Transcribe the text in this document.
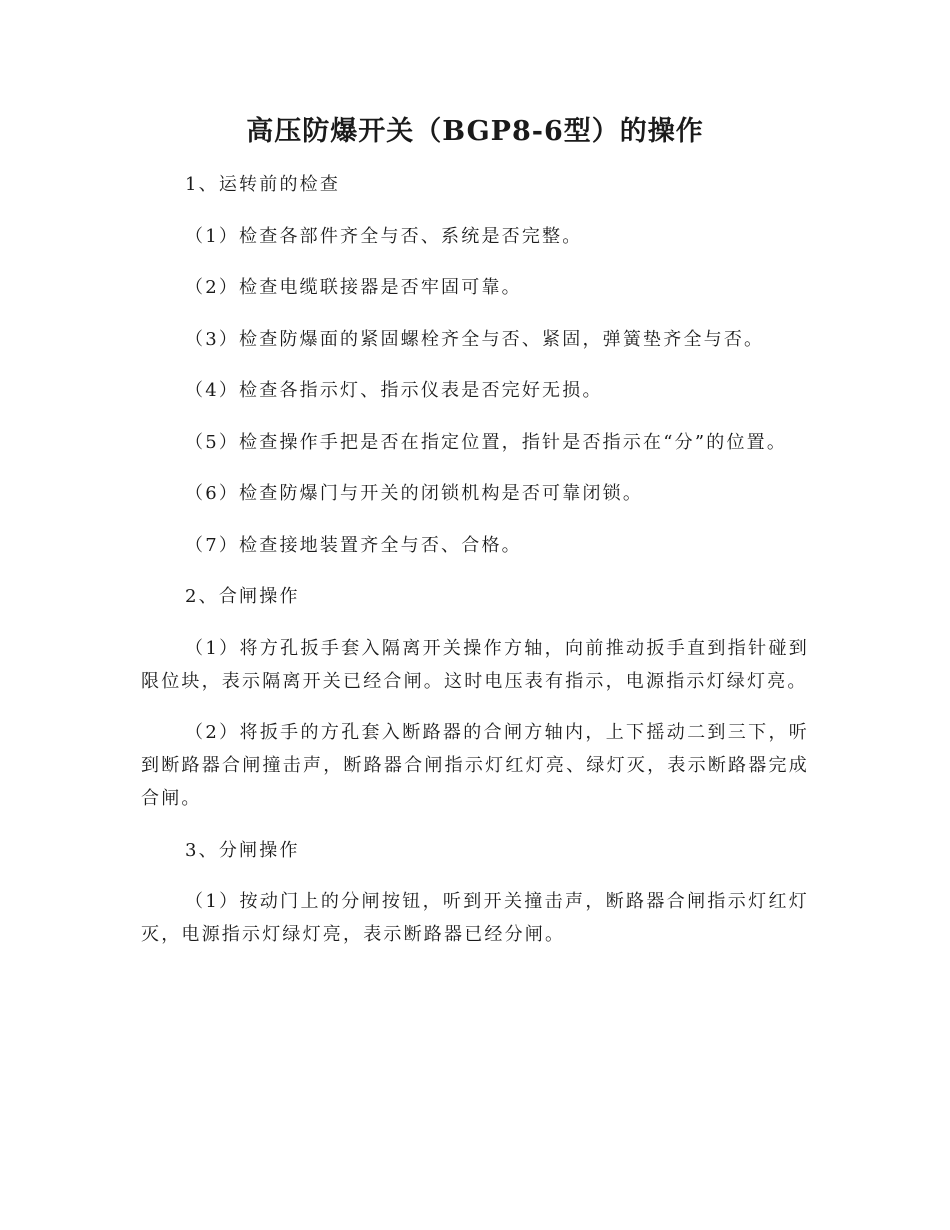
高压防爆开关（BGP8-6型）的操作

1、运转前的检查

（1）检查各部件齐全与否、系统是否完整。

（2）检查电缆联接器是否牢固可靠。

（3）检查防爆面的紧固螺栓齐全与否、紧固，弹簧垫齐全与否。

（4）检查各指示灯、指示仪表是否完好无损。

（5）检查操作手把是否在指定位置，指针是否指示在“分”的位置。

（6）检查防爆门与开关的闭锁机构是否可靠闭锁。

（7）检查接地装置齐全与否、合格。

2、合闸操作

（1）将方孔扳手套入隔离开关操作方轴，向前推动扳手直到指针碰到限位块，表示隔离开关已经合闸。这时电压表有指示，电源指示灯绿灯亮。

（2）将扳手的方孔套入断路器的合闸方轴内，上下摇动二到三下，听到断路器合闸撞击声，断路器合闸指示灯红灯亮、绿灯灭，表示断路器完成合闸。

3、分闸操作

（1）按动门上的分闸按钮，听到开关撞击声，断路器合闸指示灯红灯灭，电源指示灯绿灯亮，表示断路器已经分闸。
